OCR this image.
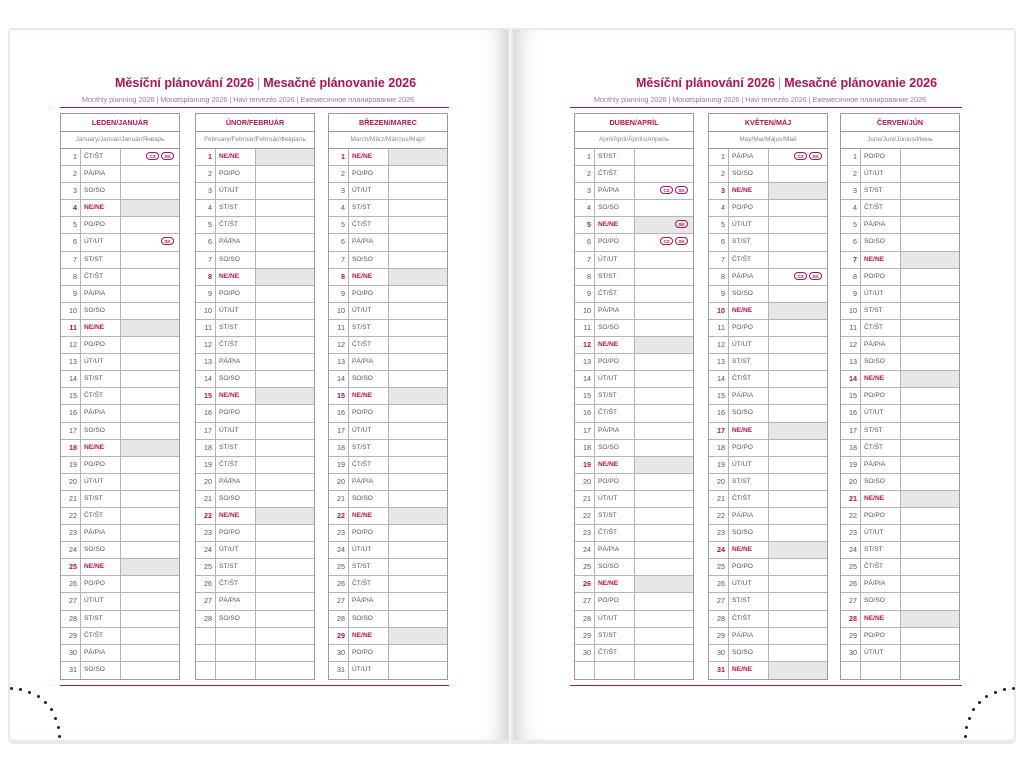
Měsíční plánování 2026 | Mesačné plánovanie 2026
Monthly planning 2026 | Monatsplanung 2026 | Havi tervezés 2026 | Ежемесячное планирование 2026
LEDEN/JANUÁR
January/Januar/Január/Январь
1	ČT/ŠT	CZ	SK
2	PÁ/PIA
3	SO/SO
4	NE/NE
5	PO/PO
6	ÚT/UT	SK
7	ST/ST
8	ČT/ŠT
9	PÁ/PIA
10	SO/SO
11	NE/NE
12	PO/PO
13	ÚT/UT
14	ST/ST
15	ČT/ŠT
16	PÁ/PIA
17	SO/SO
18	NE/NE
19	PO/PO
20	ÚT/UT
21	ST/ST
22	ČT/ŠT
23	PÁ/PIA
24	SO/SO
25	NE/NE
26	PO/PO
27	ÚT/UT
28	ST/ST
29	ČT/ŠT
30	PÁ/PIA
31	SO/SO
ÚNOR/FEBRUÁR
February/Februar/Február/Февраль
1	NE/NE
2	PO/PO
3	ÚT/UT
4	ST/ST
5	ČT/ŠT
6	PÁ/PIA
7	SO/SO
8	NE/NE
9	PO/PO
10	ÚT/UT
11	ST/ST
12	ČT/ŠT
13	PÁ/PIA
14	SO/SO
15	NE/NE
16	PO/PO
17	ÚT/UT
18	ST/ST
19	ČT/ŠT
20	PÁ/PIA
21	SO/SO
22	NE/NE
23	PO/PO
24	ÚT/UT
25	ST/ST
26	ČT/ŠT
27	PÁ/PIA
28	SO/SO
BŘEZEN/MAREC
March/März/Március/Март
1	NE/NE
2	PO/PO
3	ÚT/UT
4	ST/ST
5	ČT/ŠT
6	PÁ/PIA
7	SO/SO
8	NE/NE
9	PO/PO
10	ÚT/UT
11	ST/ST
12	ČT/ŠT
13	PÁ/PIA
14	SO/SO
15	NE/NE
16	PO/PO
17	ÚT/UT
18	ST/ST
19	ČT/ŠT
20	PÁ/PIA
21	SO/SO
22	NE/NE
23	PO/PO
24	ÚT/UT
25	ST/ST
26	ČT/ŠT
27	PÁ/PIA
28	SO/SO
29	NE/NE
30	PO/PO
31	ÚT/UT
Měsíční plánování 2026 | Mesačné plánovanie 2026
Monthly planning 2026 | Monatsplanung 2026 | Havi tervezés 2026 | Ежемесячное планирование 2026
DUBEN/APRÍL
April/April/Április/Апрель
1	ST/ST
2	ČT/ŠT
3	PÁ/PIA	CZ	SK
4	SO/SO
5	NE/NE	SK
6	PO/PO	CZ	SK
7	ÚT/UT
8	ST/ST
9	ČT/ŠT
10	PÁ/PIA
11	SO/SO
12	NE/NE
13	PO/PO
14	ÚT/UT
15	ST/ST
16	ČT/ŠT
17	PÁ/PIA
18	SO/SO
19	NE/NE
20	PO/PO
21	ÚT/UT
22	ST/ST
23	ČT/ŠT
24	PÁ/PIA
25	SO/SO
26	NE/NE
27	PO/PO
28	ÚT/UT
29	ST/ST
30	ČT/ŠT
KVĚTEN/MÁJ
May/Mai/Május/Май
1	PÁ/PIA	CZ	SK
2	SO/SO
3	NE/NE
4	PO/PO
5	ÚT/UT
6	ST/ST
7	ČT/ŠT
8	PÁ/PIA	CZ	SK
9	SO/SO
10	NE/NE
11	PO/PO
12	ÚT/UT
13	ST/ST
14	ČT/ŠT
15	PÁ/PIA
16	SO/SO
17	NE/NE
18	PO/PO
19	ÚT/UT
20	ST/ST
21	ČT/ŠT
22	PÁ/PIA
23	SO/SO
24	NE/NE
25	PO/PO
26	ÚT/UT
27	ST/ST
28	ČT/ŠT
29	PÁ/PIA
30	SO/SO
31	NE/NE
ČERVEN/JÚN
June/Juni/Június/Июнь
1	PO/PO
2	ÚT/UT
3	ST/ST
4	ČT/ŠT
5	PÁ/PIA
6	SO/SO
7	NE/NE
8	PO/PO
9	ÚT/UT
10	ST/ST
11	ČT/ŠT
12	PÁ/PIA
13	SO/SO
14	NE/NE
15	PO/PO
16	ÚT/UT
17	ST/ST
18	ČT/ŠT
19	PÁ/PIA
20	SO/SO
21	NE/NE
22	PO/PO
23	ÚT/UT
24	ST/ST
25	ČT/ŠT
26	PÁ/PIA
27	SO/SO
28	NE/NE
29	PO/PO
30	ÚT/UT
